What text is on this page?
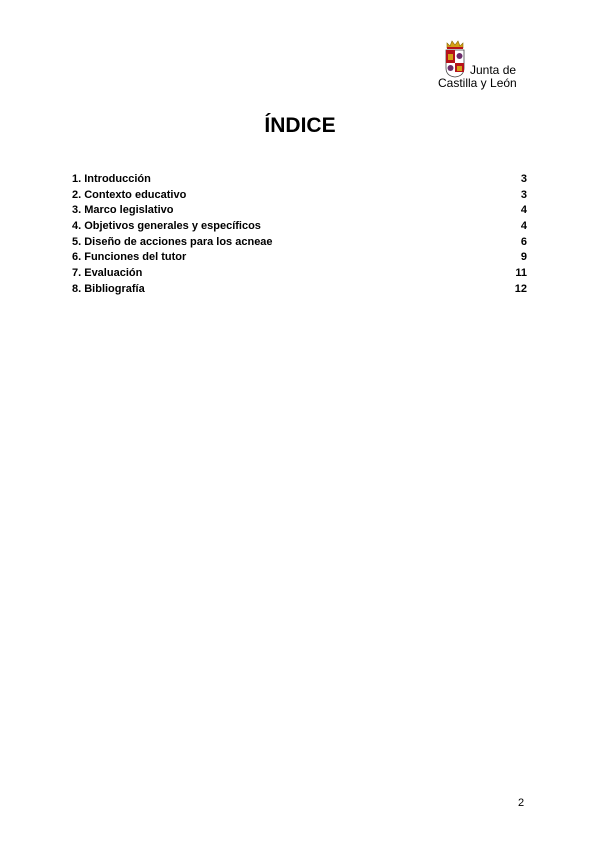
Junta de
Castilla y León
ÍNDICE
1. Introducción	3
2. Contexto educativo	3
3. Marco legislativo	4
4. Objetivos generales y específicos	4
5. Diseño de acciones para los acneae	6
6. Funciones del tutor	9
7. Evaluación	11
8. Bibliografía	12
2
